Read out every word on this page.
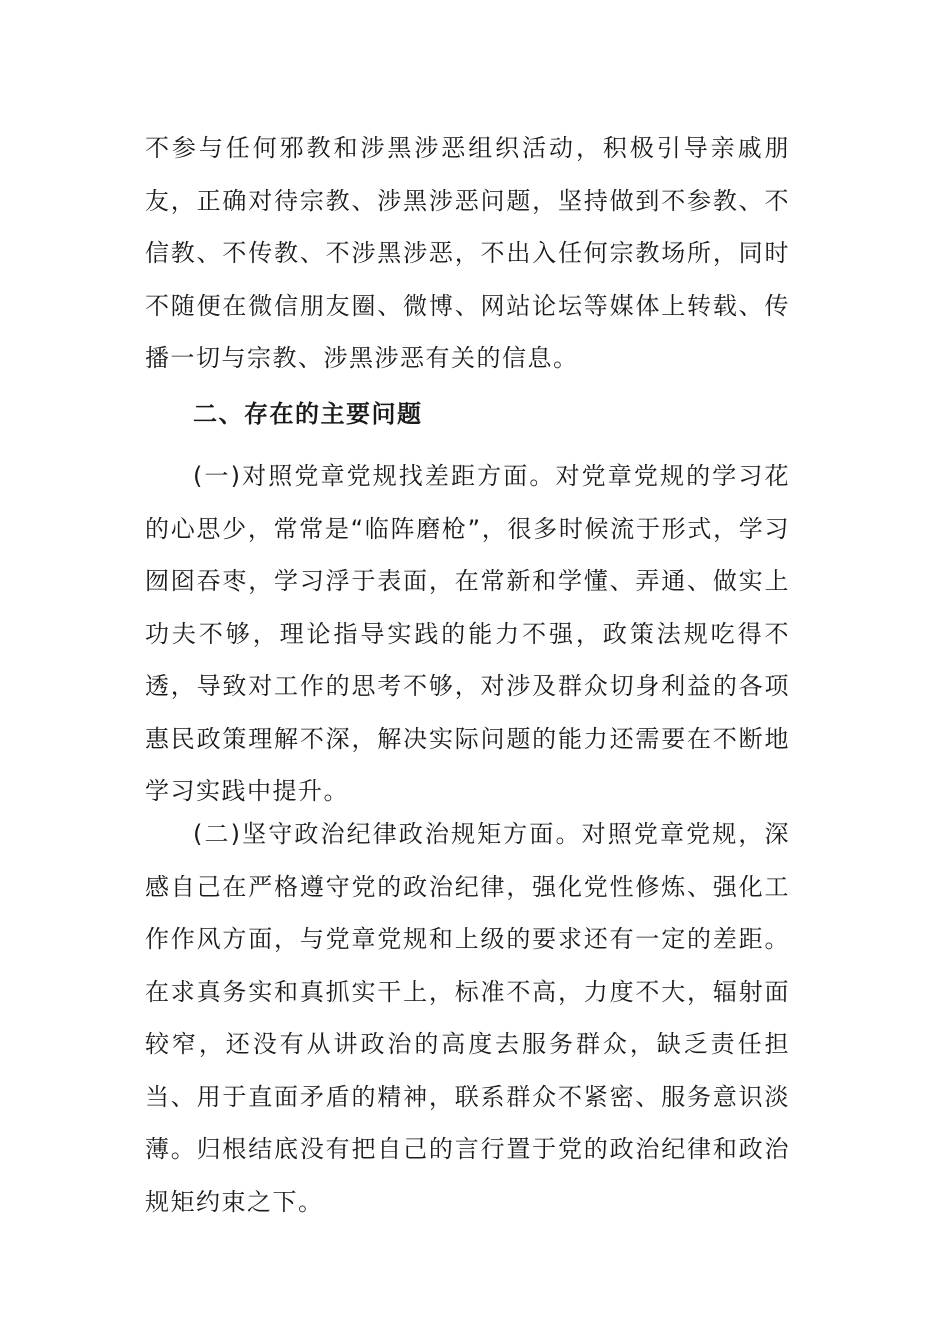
不参与任何邪教和涉黑涉恶组织活动，积极引导亲戚朋友，正确对待宗教、涉黑涉恶问题，坚持做到不参教、不信教、不传教、不涉黑涉恶，不出入任何宗教场所，同时不随便在微信朋友圈、微博、网站论坛等媒体上转载、传播一切与宗教、涉黑涉恶有关的信息。

二、存在的主要问题

(一)对照党章党规找差距方面。对党章党规的学习花的心思少，常常是“临阵磨枪”，很多时候流于形式，学习囫囵吞枣，学习浮于表面，在常新和学懂、弄通、做实上功夫不够，理论指导实践的能力不强，政策法规吃得不透，导致对工作的思考不够，对涉及群众切身利益的各项惠民政策理解不深，解决实际问题的能力还需要在不断地学习实践中提升。

(二)坚守政治纪律政治规矩方面。对照党章党规，深感自己在严格遵守党的政治纪律，强化党性修炼、强化工作作风方面，与党章党规和上级的要求还有一定的差距。在求真务实和真抓实干上，标准不高，力度不大，辐射面较窄，还没有从讲政治的高度去服务群众，缺乏责任担当、用于直面矛盾的精神，联系群众不紧密、服务意识淡薄。归根结底没有把自己的言行置于党的政治纪律和政治规矩约束之下。
